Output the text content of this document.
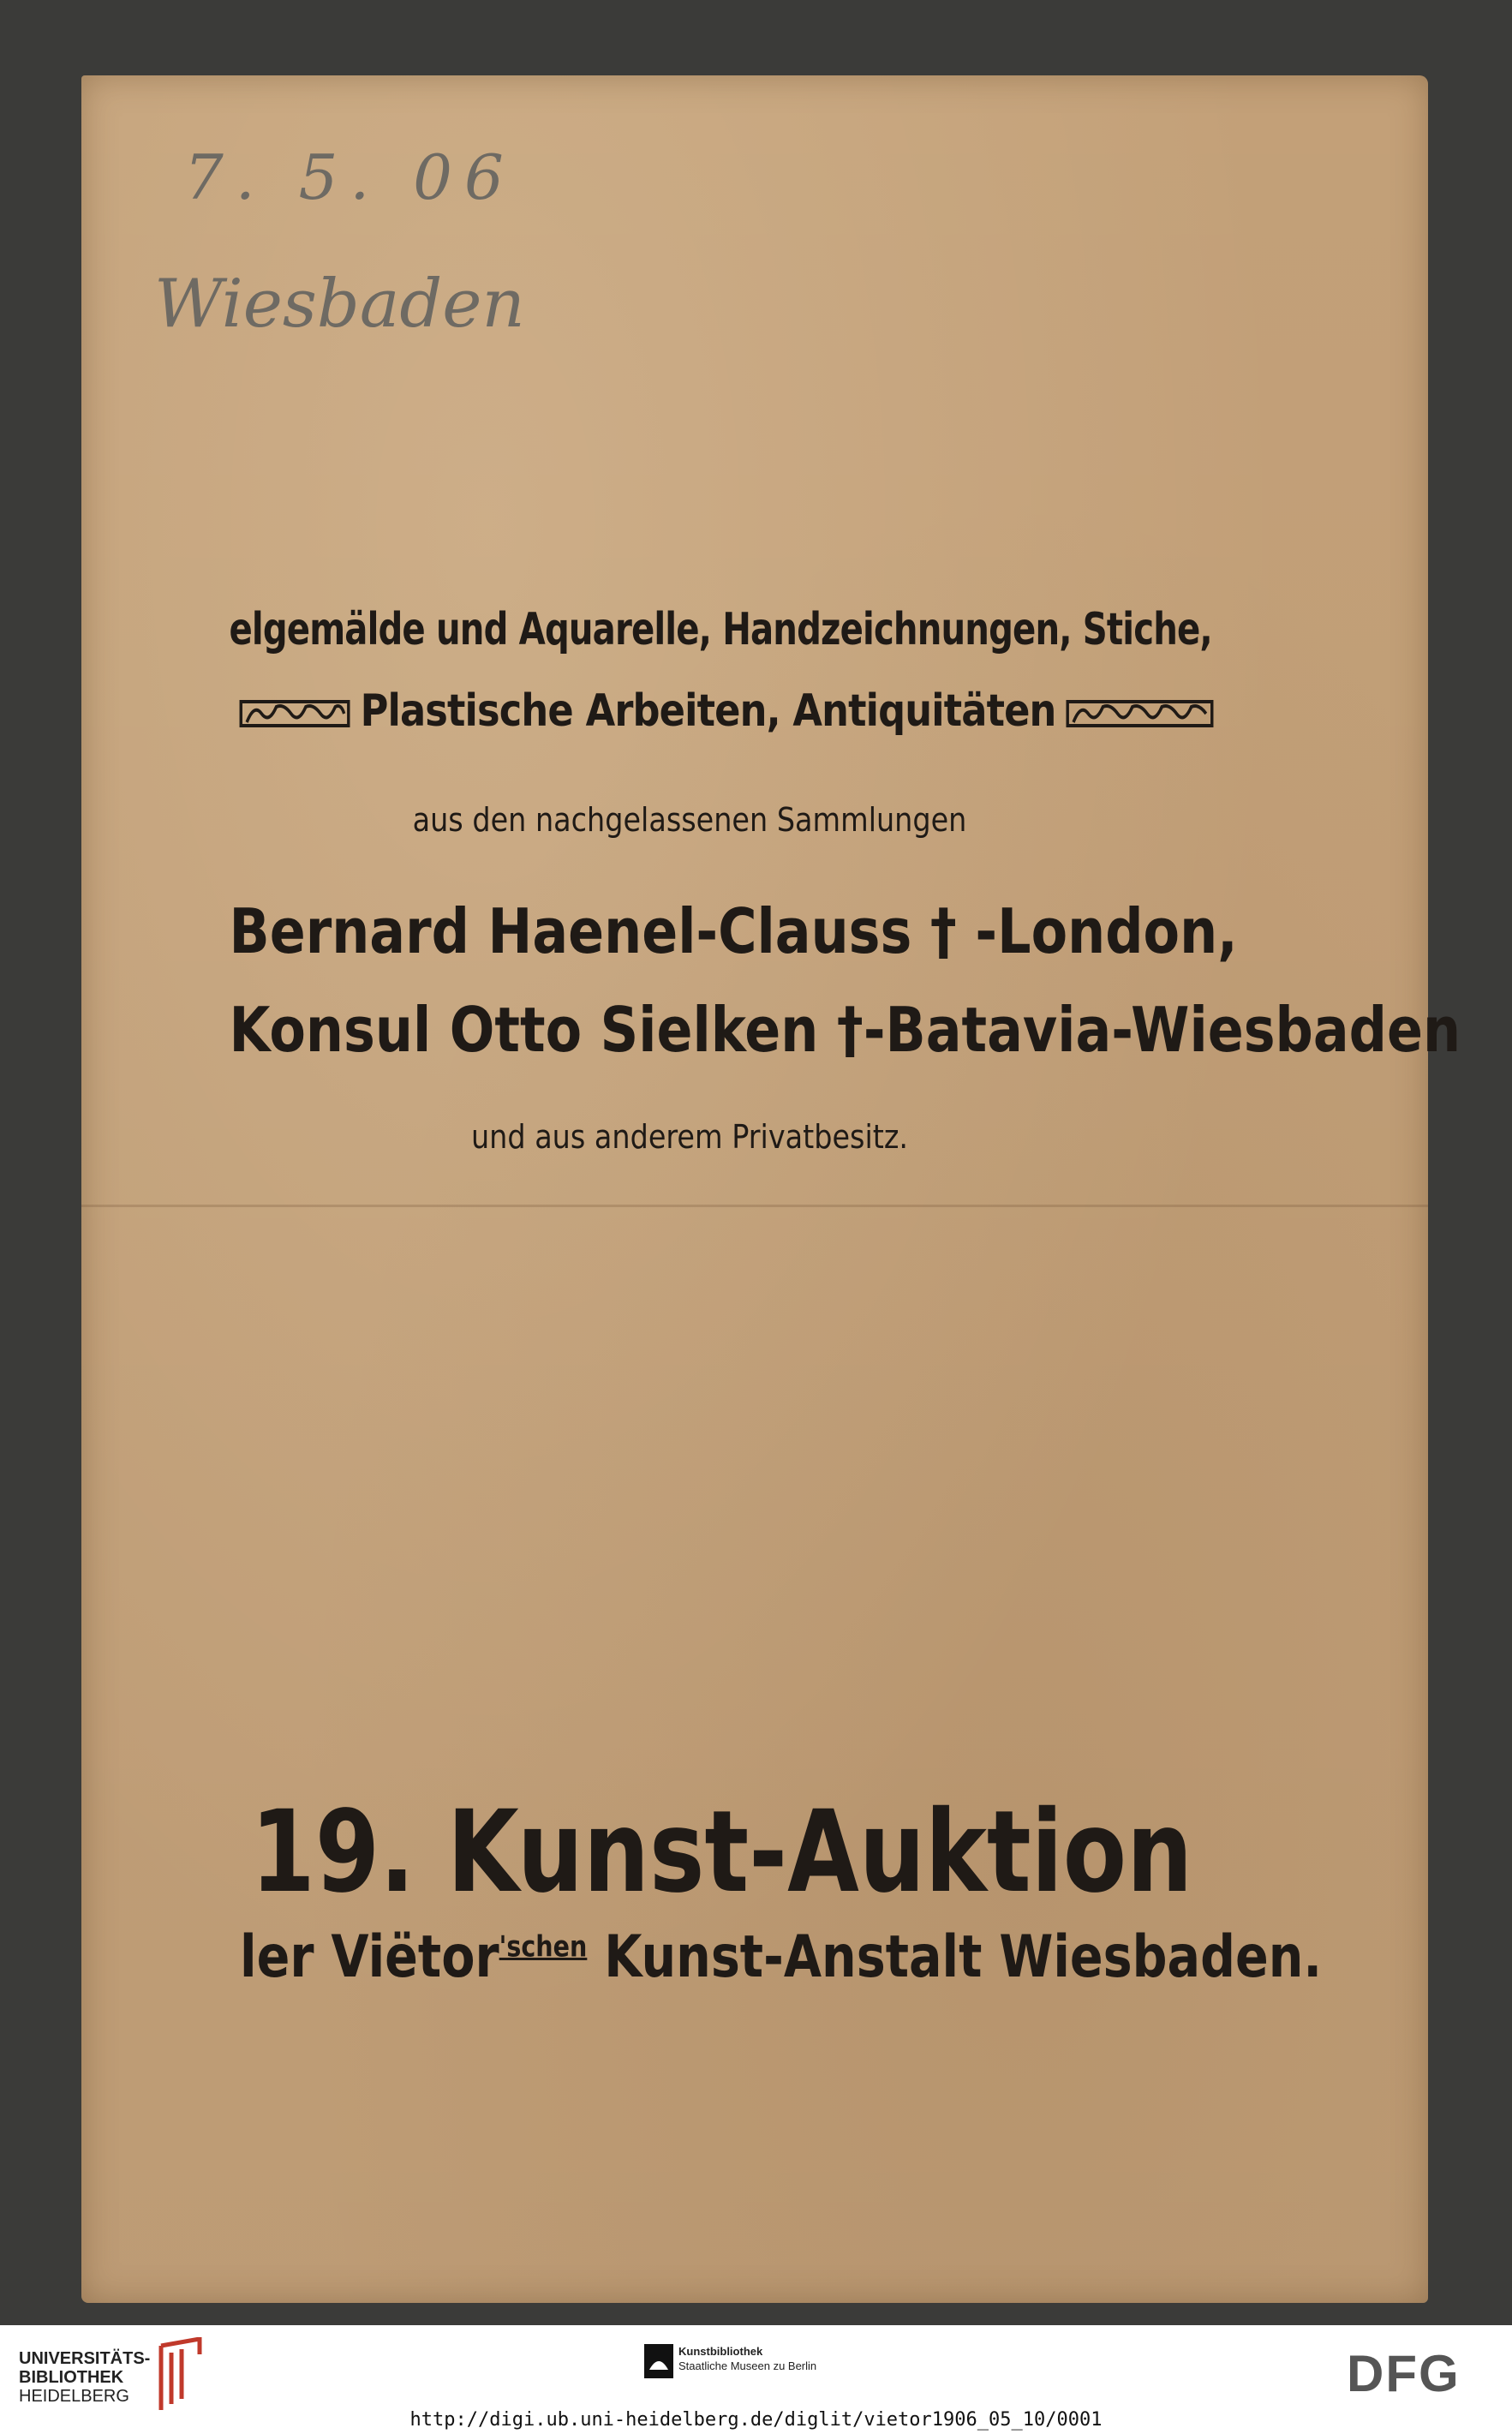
7. 5. 06
Wiesbaden
elgemälde und Aquarelle, Handzeichnungen, Stiche,
Plastische Arbeiten, Antiquitäten
aus den nachgelassenen Sammlungen
Bernard Haenel-Clauss † -London,
Konsul Otto Sielken †-Batavia-Wiesbaden
und aus anderem Privatbesitz.
19. Kunst-Auktion
ler Viëtor$^{'schen}$ Kunst-Anstalt Wiesbaden.
UNIVERSITÄTS-
BIBLIOTHEK
HEIDELBERG
Kunstbibliothek
Staatliche Museen zu Berlin	DFG
http://digi.ub.uni-heidelberg.de/diglit/vietor1906_05_10/0001
